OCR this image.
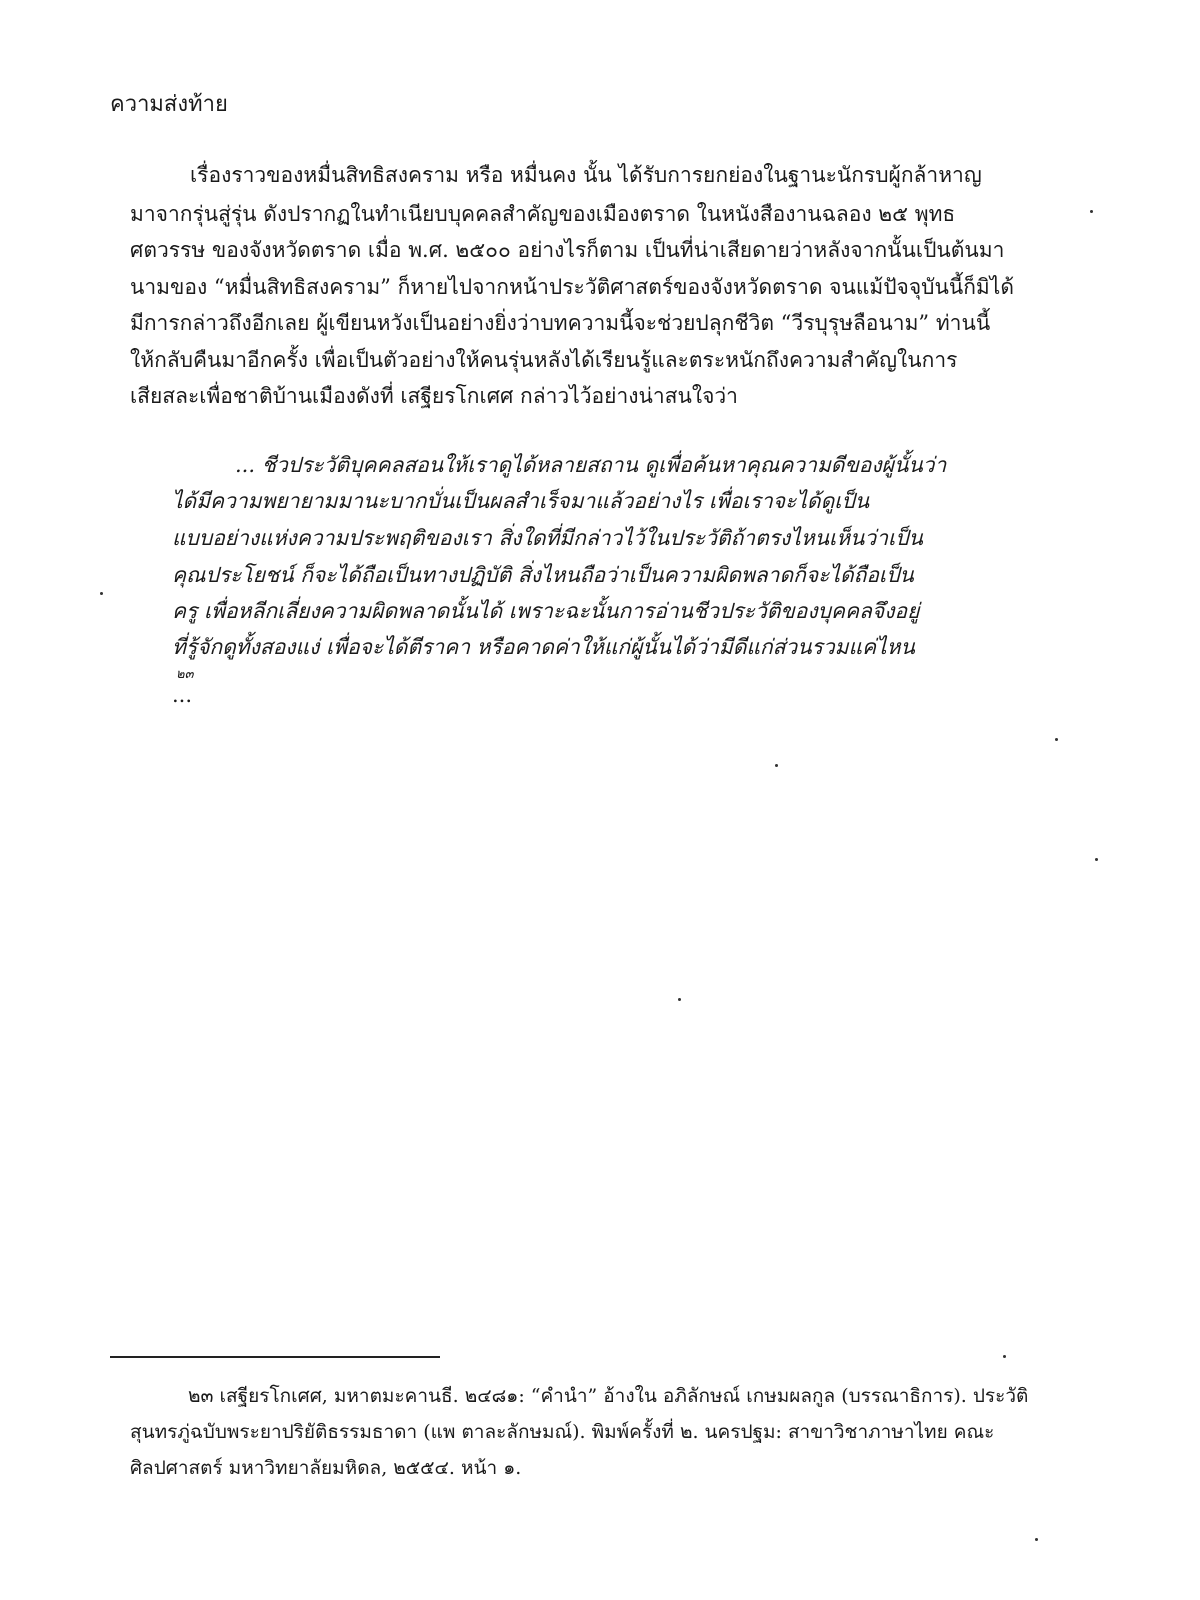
ความส่งท้าย
เรื่องราวของหมื่นสิทธิสงคราม หรือ หมื่นคง นั้น ได้รับการยกย่องในฐานะนักรบผู้กล้าหาญ
มาจากรุ่นสู่รุ่น ดังปรากฏในทำเนียบบุคคลสำคัญของเมืองตราด ในหนังสืองานฉลอง ๒๕ พุทธ
ศตวรรษ ของจังหวัดตราด เมื่อ พ.ศ. ๒๕๐๐ อย่างไรก็ตาม เป็นที่น่าเสียดายว่าหลังจากนั้นเป็นต้นมา
นามของ “หมื่นสิทธิสงคราม” ก็หายไปจากหน้าประวัติศาสตร์ของจังหวัดตราด จนแม้ปัจจุบันนี้ก็มิได้
มีการกล่าวถึงอีกเลย ผู้เขียนหวังเป็นอย่างยิ่งว่าบทความนี้จะช่วยปลุกชีวิต “วีรบุรุษลือนาม” ท่านนี้
ให้กลับคืนมาอีกครั้ง เพื่อเป็นตัวอย่างให้คนรุ่นหลังได้เรียนรู้และตระหนักถึงความสำคัญในการ
เสียสละเพื่อชาติบ้านเมืองดังที่ เสฐียรโกเศศ กล่าวไว้อย่างน่าสนใจว่า
... ชีวประวัติบุคคลสอนให้เราดูได้หลายสถาน ดูเพื่อค้นหาคุณความดีของผู้นั้นว่า
ได้มีความพยายามมานะบากบั่นเป็นผลสำเร็จมาแล้วอย่างไร เพื่อเราจะได้ดูเป็น
แบบอย่างแห่งความประพฤติของเรา สิ่งใดที่มีกล่าวไว้ในประวัติถ้าตรงไหนเห็นว่าเป็น
คุณประโยชน์ ก็จะได้ถือเป็นทางปฏิบัติ สิ่งไหนถือว่าเป็นความผิดพลาดก็จะได้ถือเป็น
ครู เพื่อหลีกเลี่ยงความผิดพลาดนั้นได้ เพราะฉะนั้นการอ่านชีวประวัติของบุคคลจึงอยู่
ที่รู้จักดูทั้งสองแง่ เพื่อจะได้ตีราคา หรือคาดค่าให้แก่ผู้นั้นได้ว่ามีดีแก่ส่วนรวมแค่ไหน
๒๓
...
๒๓ เสฐียรโกเศศ, มหาตมะคานธี. ๒๔๘๑: “คำนำ” อ้างใน อภิลักษณ์ เกษมผลกูล (บรรณาธิการ). ประวัติ
สุนทรภู่ฉบับพระยาปริยัติธรรมธาดา (แพ ตาละลักษมณ์). พิมพ์ครั้งที่ ๒. นครปฐม: สาขาวิชาภาษาไทย คณะ
ศิลปศาสตร์ มหาวิทยาลัยมหิดล, ๒๕๕๔. หน้า ๑.
